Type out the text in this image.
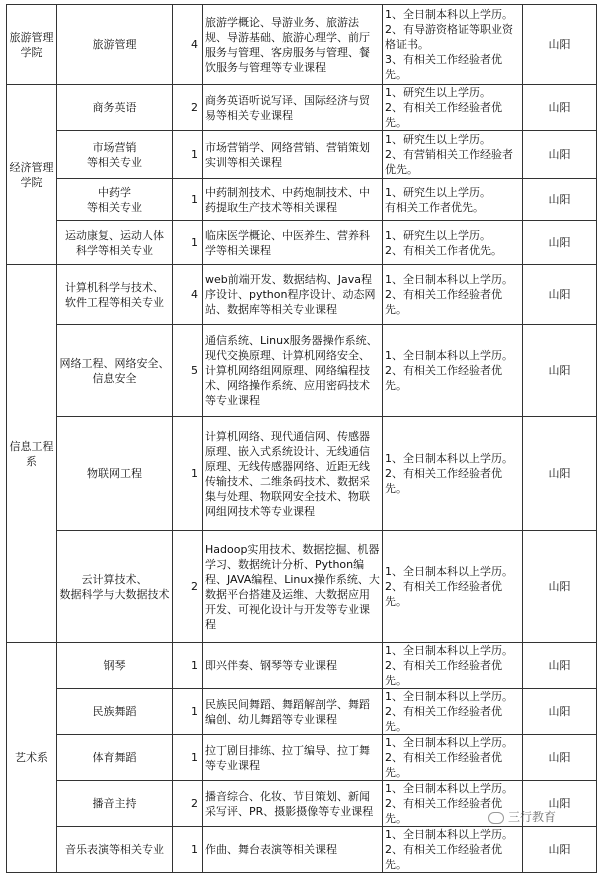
旅游管理
学院	旅游管理	4	旅游学概论、导游业务、旅游法规、导游基础、旅游心理学、前厅服务与管理、客房服务与管理、餐饮服务与管理等专业课程	1、全日制本科以上学历。
2、有导游资格证等职业资格证书。
3、有相关工作经验者优先。	山阳
经济管理
学院	商务英语	2	商务英语听说写译、国际经济与贸易等相关专业课程	1、研究生以上学历。
2、有相关工作经验者优先。	山阳
	市场营销
等相关专业	1	市场营销学、网络营销、营销策划实训等相关课程	1、研究生以上学历。
2、有营销相关工作经验者优先。	山阳
	中药学
等相关专业	1	中药制剂技术、中药炮制技术、中药提取生产技术等相关课程	1、研究生以上学历。
有相关工作者优先。	山阳
	运动康复、运动人体
科学等相关专业	1	临床医学概论、中医养生、营养科学等相关课程	1、研究生以上学历。
2、有相关工作者优先。	山阳
信息工程
系	计算机科学与技术、
软件工程等相关专业	4	web前端开发、数据结构、Java程序设计、python程序设计、动态网站、数据库等相关专业课程	1、全日制本科以上学历。
2、有相关工作经验者优先。	山阳
	网络工程、网络安全、
信息安全	5	通信系统、Linux服务器操作系统、现代交换原理、计算机网络安全、计算机网络组网原理、网络编程技术、网络操作系统、应用密码技术等专业课程	1、全日制本科以上学历。
2、有相关工作经验者优先。	山阳
	物联网工程	1	计算机网络、现代通信网、传感器原理、嵌入式系统设计、无线通信原理、无线传感器网络、近距无线传输技术、二维条码技术、数据采集与处理、物联网安全技术、物联网组网技术等专业课程	1、全日制本科以上学历。
2、有相关工作经验者优先。	山阳
	云计算技术、
数据科学与大数据技术	2	Hadoop实用技术、数据挖掘、机器学习、数据统计分析、Python编程、JAVA编程、Linux操作系统、大数据平台搭建及运维、大数据应用开发、可视化设计与开发等专业课程	1、全日制本科以上学历。
2、有相关工作经验者优先。	山阳
艺术系	钢琴	1	即兴伴奏、钢琴等专业课程	1、全日制本科以上学历。
2、有相关工作经验者优先。	山阳
	民族舞蹈	1	民族民间舞蹈、舞蹈解剖学、舞蹈编创、幼儿舞蹈等专业课程	1、全日制本科以上学历。
2、有相关工作经验者优先。	山阳
	体育舞蹈	1	拉丁剧目排练、拉丁编导、拉丁舞等专业课程	1、全日制本科以上学历。
2、有相关工作经验者优先。	山阳
	播音主持	2	播音综合、化妆、节目策划、新闻采写评、PR、摄影摄像等专业课程	1、全日制本科以上学历。
2、有相关工作经验者优先。	山阳
	音乐表演等相关专业	1	作曲、舞台表演等相关课程	1、全日制本科以上学历。
2、有相关工作经验者优先。	山阳
三行教育
